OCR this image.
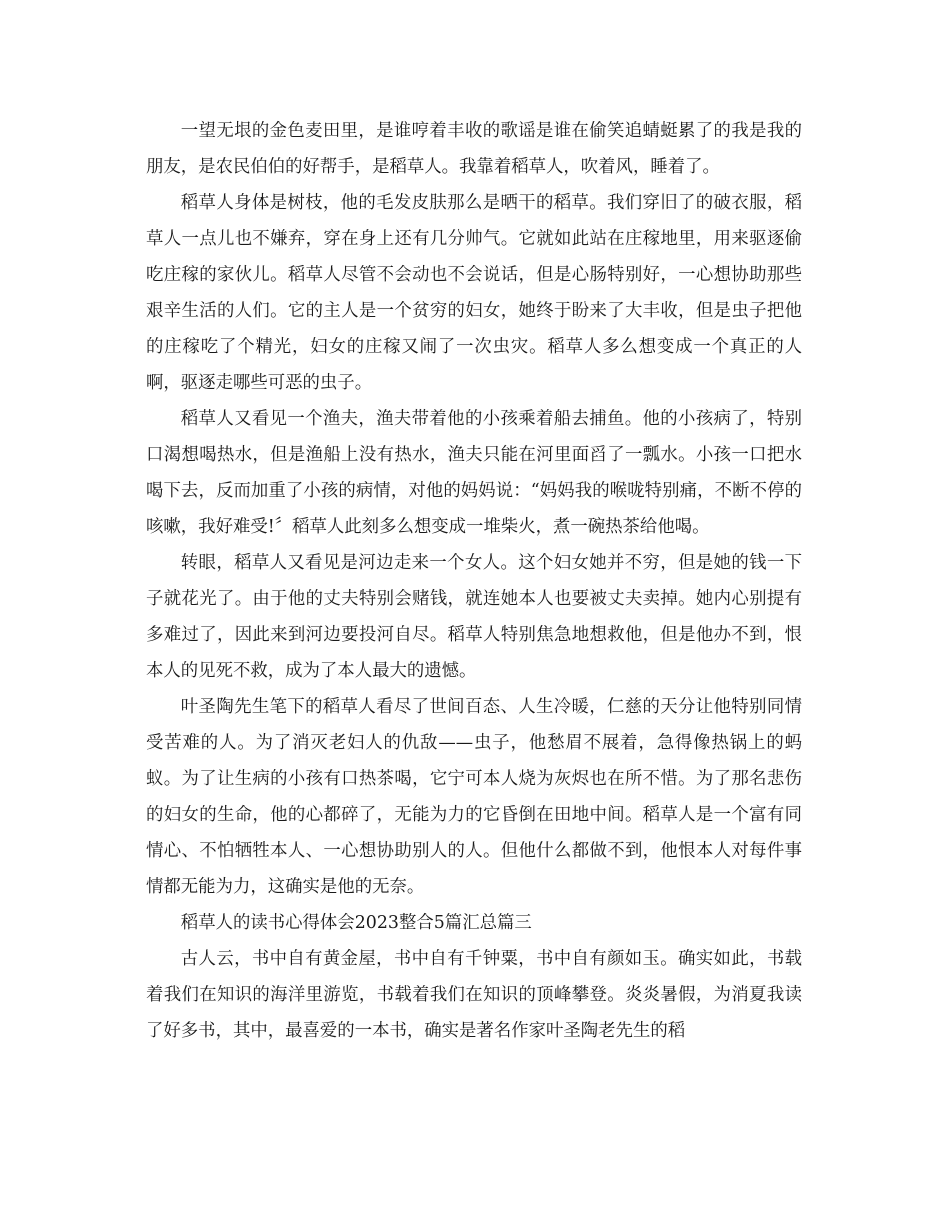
一望无垠的金色麦田里，是谁哼着丰收的歌谣是谁在偷笑追蜻蜓累了的我是我的朋友，是农民伯伯的好帮手，是稻草人。我靠着稻草人，吹着风，睡着了。

稻草人身体是树枝，他的毛发皮肤那么是晒干的稻草。我们穿旧了的破衣服，稻草人一点儿也不嫌弃，穿在身上还有几分帅气。它就如此站在庄稼地里，用来驱逐偷吃庄稼的家伙儿。稻草人尽管不会动也不会说话，但是心肠特别好，一心想协助那些艰辛生活的人们。它的主人是一个贫穷的妇女，她终于盼来了大丰收，但是虫子把他的庄稼吃了个精光，妇女的庄稼又闹了一次虫灾。稻草人多么想变成一个真正的人啊，驱逐走哪些可恶的虫子。

稻草人又看见一个渔夫，渔夫带着他的小孩乘着船去捕鱼。他的小孩病了，特别口渴想喝热水，但是渔船上没有热水，渔夫只能在河里面舀了一瓢水。小孩一口把水喝下去，反而加重了小孩的病情，对他的妈妈说：“妈妈我的喉咙特别痛，不断不停的咳嗽，我好难受!〞稻草人此刻多么想变成一堆柴火，煮一碗热茶给他喝。

转眼，稻草人又看见是河边走来一个女人。这个妇女她并不穷，但是她的钱一下子就花光了。由于他的丈夫特别会赌钱，就连她本人也要被丈夫卖掉。她内心别提有多难过了，因此来到河边要投河自尽。稻草人特别焦急地想救他，但是他办不到，恨本人的见死不救，成为了本人最大的遗憾。

叶圣陶先生笔下的稻草人看尽了世间百态、人生冷暖，仁慈的天分让他特别同情受苦难的人。为了消灭老妇人的仇敌——虫子，他愁眉不展着，急得像热锅上的蚂蚁。为了让生病的小孩有口热茶喝，它宁可本人烧为灰烬也在所不惜。为了那名悲伤的妇女的生命，他的心都碎了，无能为力的它昏倒在田地中间。稻草人是一个富有同情心、不怕牺牲本人、一心想协助别人的人。但他什么都做不到，他恨本人对每件事情都无能为力，这确实是他的无奈。

稻草人的读书心得体会2023整合5篇汇总篇三

古人云，书中自有黄金屋，书中自有千钟粟，书中自有颜如玉。确实如此，书载着我们在知识的海洋里游览，书载着我们在知识的顶峰攀登。炎炎暑假，为消夏我读了好多书，其中，最喜爱的一本书，确实是著名作家叶圣陶老先生的稻
